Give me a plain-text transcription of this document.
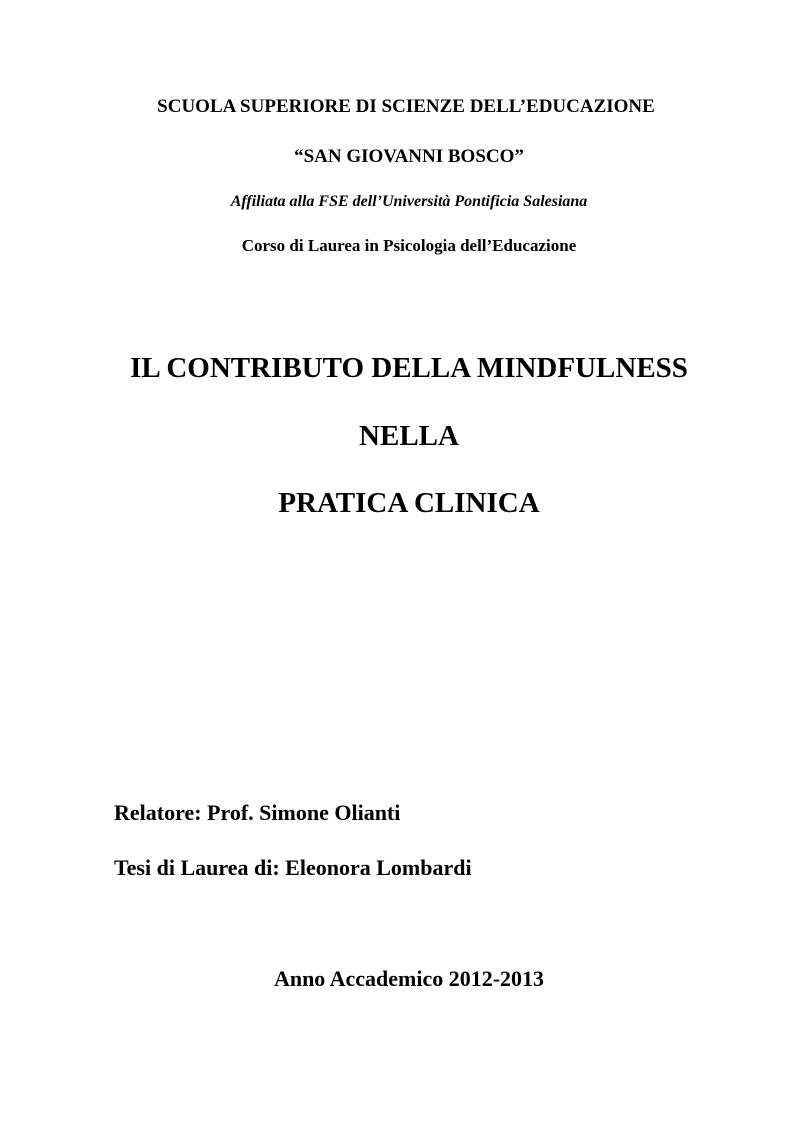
SCUOLA SUPERIORE DI SCIENZE DELL’EDUCAZIONE

“SAN GIOVANNI BOSCO”

Affiliata alla FSE dell’Università Pontificia Salesiana

Corso di Laurea in Psicologia dell’Educazione

IL CONTRIBUTO DELLA MINDFULNESS

NELLA

PRATICA CLINICA

Relatore: Prof. Simone Olianti

Tesi di Laurea di: Eleonora Lombardi

Anno Accademico 2012-2013
